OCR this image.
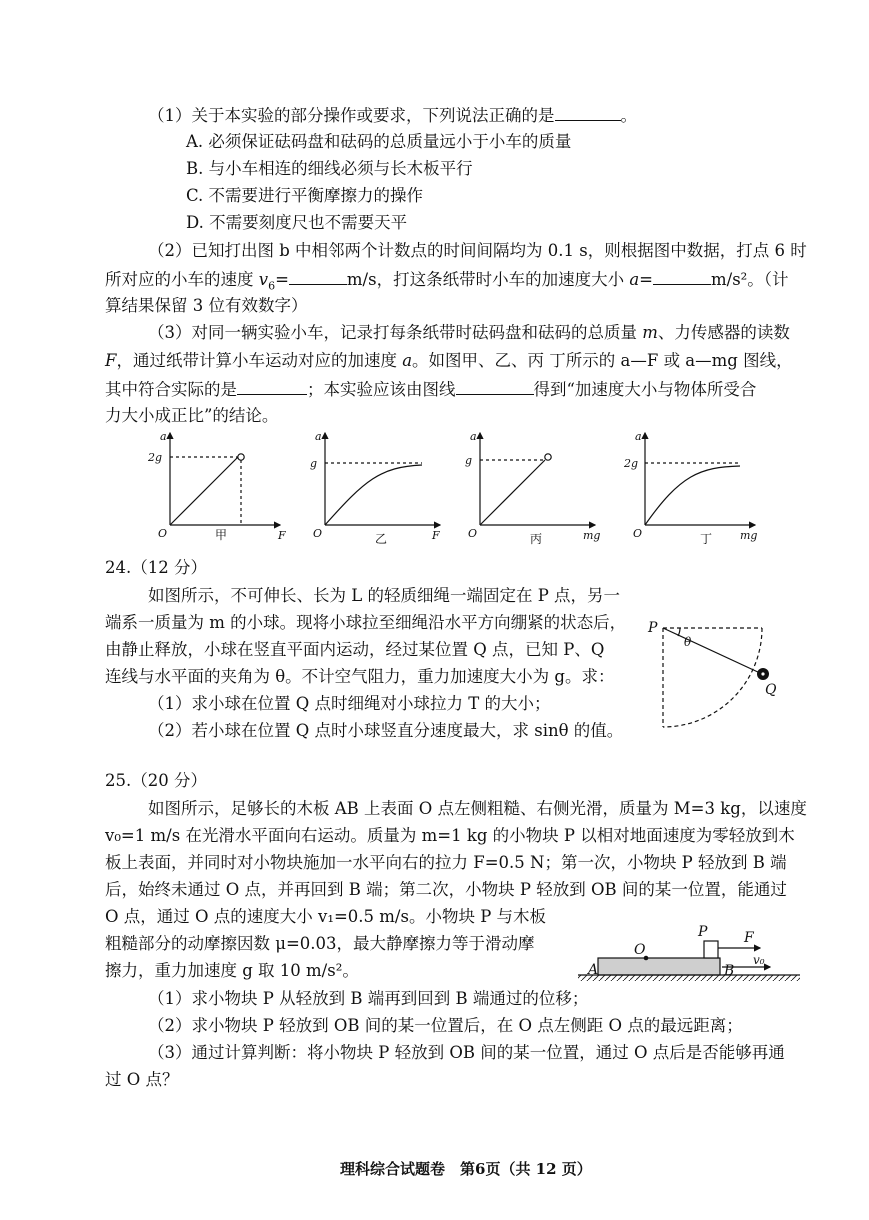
（1）关于本实验的部分操作或要求，下列说法正确的是	。
A. 必须保证砝码盘和砝码的总质量远小于小车的质量
B. 与小车相连的细线必须与长木板平行
C. 不需要进行平衡摩擦力的操作
D. 不需要刻度尺也不需要天平
（2）已知打出图 b 中相邻两个计数点的时间间隔均为 0.1 s，则根据图中数据，打点 6 时
所对应的小车的速度 $v_6=$	m/s，打这条纸带时小车的加速度大小 a=	m/s²。（计
算结果保留 3 位有效数字）
（3）对同一辆实验小车，记录打每条纸带时砝码盘和砝码的总质量 m、力传感器的读数
F，通过纸带计算小车运动对应的加速度 a。如图甲、乙、丙 丁所示的 a—F 或 a—mg 图线，
其中符合实际的是	；本实验应该由图线	得到“加速度大小与物体所受合
力大小成正比”的结论。
a
2g
O	F
a
g
O	F
a
g
O	mg
a
2g
O	mg
甲	乙	丙	丁
24.（12 分）
如图所示，不可伸长、长为 L 的轻质细绳一端固定在 P 点，另一
端系一质量为 m 的小球。现将小球拉至细绳沿水平方向绷紧的状态后，
由静止释放，小球在竖直平面内运动，经过某位置 Q 点，已知 P、Q
连线与水平面的夹角为 θ。不计空气阻力，重力加速度大小为 g。求：
（1）求小球在位置 Q 点时细绳对小球拉力 T 的大小；
（2）若小球在位置 Q 点时小球竖直分速度最大，求 sinθ 的值。
P
θ
Q
25.（20 分）
如图所示，足够长的木板 AB 上表面 O 点左侧粗糙、右侧光滑，质量为 M=3 kg，以速度
v₀=1 m/s 在光滑水平面向右运动。质量为 m=1 kg 的小物块 P 以相对地面速度为零轻放到木
板上表面，并同时对小物块施加一水平向右的拉力 F=0.5 N；第一次，小物块 P 轻放到 B 端
后，始终未通过 O 点，并再回到 B 端；第二次，小物块 P 轻放到 OB 间的某一位置，能通过
O 点，通过 O 点的速度大小 v₁=0.5 m/s。小物块 P 与木板
粗糙部分的动摩擦因数 μ=0.03，最大静摩擦力等于滑动摩
擦力，重力加速度 g 取 10 m/s²。
（1）求小物块 P 从轻放到 B 端再到回到 B 端通过的位移；
（2）求小物块 P 轻放到 OB 间的某一位置后，在 O 点左侧距 O 点的最远距离；
（3）通过计算判断：将小物块 P 轻放到 OB 间的某一位置，通过 O 点后是否能够再通
过 O 点？
A
O
P	F
B
v₀
理科综合试题卷　第6页（共 12 页）
